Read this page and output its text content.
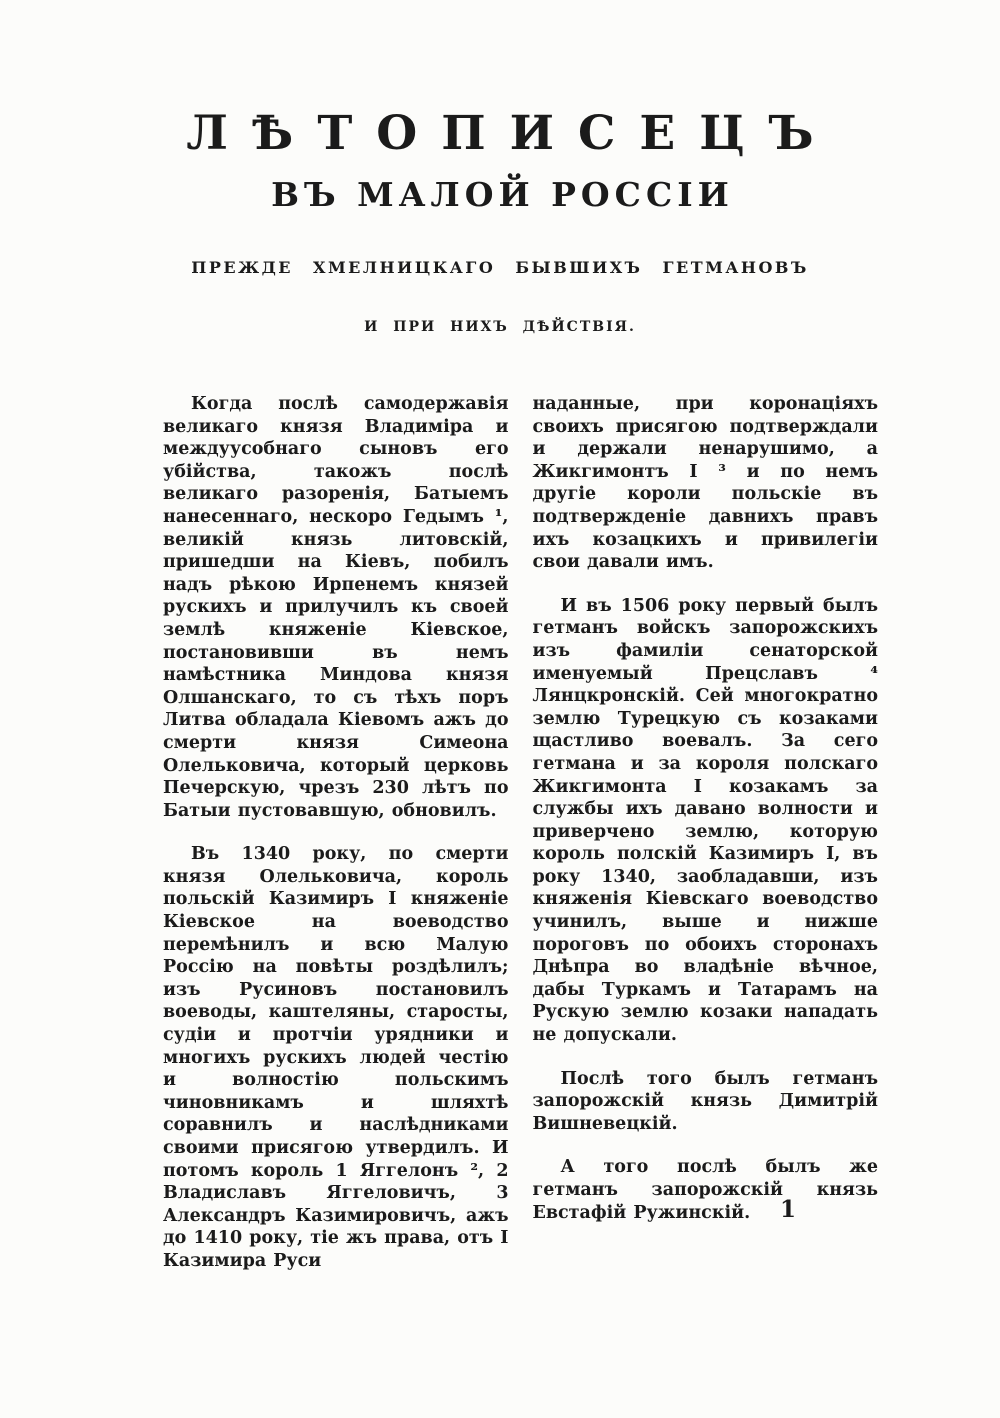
ЛѢТОПИСЕЦЪ
ВЪ МАЛОЙ РОССІИ
ПРЕЖДЕ ХМЕЛНИЦКАГО БЫВШИХЪ ГЕТМАНОВЪ
И ПРИ НИХЪ ДѢЙСТВІЯ.

Когда послѣ самодержавія великаго князя Владиміра и междуусобнаго сыновъ его убійства, такожъ послѣ великаго разоренія, Батыемъ нанесеннаго, нескоро Гедымъ ¹, великій князь литовскій, пришедши на Кіевъ, побилъ надъ рѣкою Ирпенемъ князей рускихъ и прилучилъ къ своей землѣ княженіе Кіевское, постановивши въ немъ намѣстника Миндова князя Олшанскаго, то съ тѣхъ поръ Литва обладала Кіевомъ ажъ до смерти князя Симеона Олельковича, который церковь Печерскую, чрезъ 230 лѣтъ по Батыи пустовавшую, обновилъ.

Въ 1340 року, по смерти князя Олельковича, король польскій Казимиръ I княженіе Кіевское на воеводство перемѣнилъ и всю Малую Россію на повѣты роздѣлилъ; изъ Русиновъ постановилъ воеводы, каштеляны, старосты, судіи и протчіи урядники и многихъ рускихъ людей честію и волностію польскимъ чиновникамъ и шляхтѣ соравнилъ и наслѣдниками своими присягою утвердилъ. И потомъ король 1 Яггелонъ ², 2 Владиславъ Яггеловичъ, 3 Александръ Казимировичъ, ажъ до 1410 року, тіе жъ права, отъ I Казимира Руси

наданные, при коронаціяхъ своихъ присягою подтверждали и держали ненарушимо, а Жикгимонтъ I ³ и по немъ другіе короли польскіе въ подтвержденіе давнихъ правъ ихъ козацкихъ и привилегіи свои давали имъ.

И въ 1506 року первый былъ гетманъ войскъ запорожскихъ изъ фамиліи сенаторской именуемый Прецславъ ⁴ Лянцкронскій. Сей многократно землю Турецкую съ козаками щастливо воевалъ. За сего гетмана и за короля полскаго Жикгимонта I козакамъ за службы ихъ давано волности и приверчено землю, которую король полскій Казимиръ I, въ року 1340, заобладавши, изъ княженія Кіевскаго воеводство учинилъ, выше и нижше пороговъ по обоихъ сторонахъ Днѣпра во владѣніе вѣчное, дабы Туркамъ и Татарамъ на Рускую землю козаки нападать не допускали.

Послѣ того былъ гетманъ запорожскій князь Димитрій Вишневецкій.

А того послѣ былъ же гетманъ запорожскій князь Евстафій Ружинскій.	1
